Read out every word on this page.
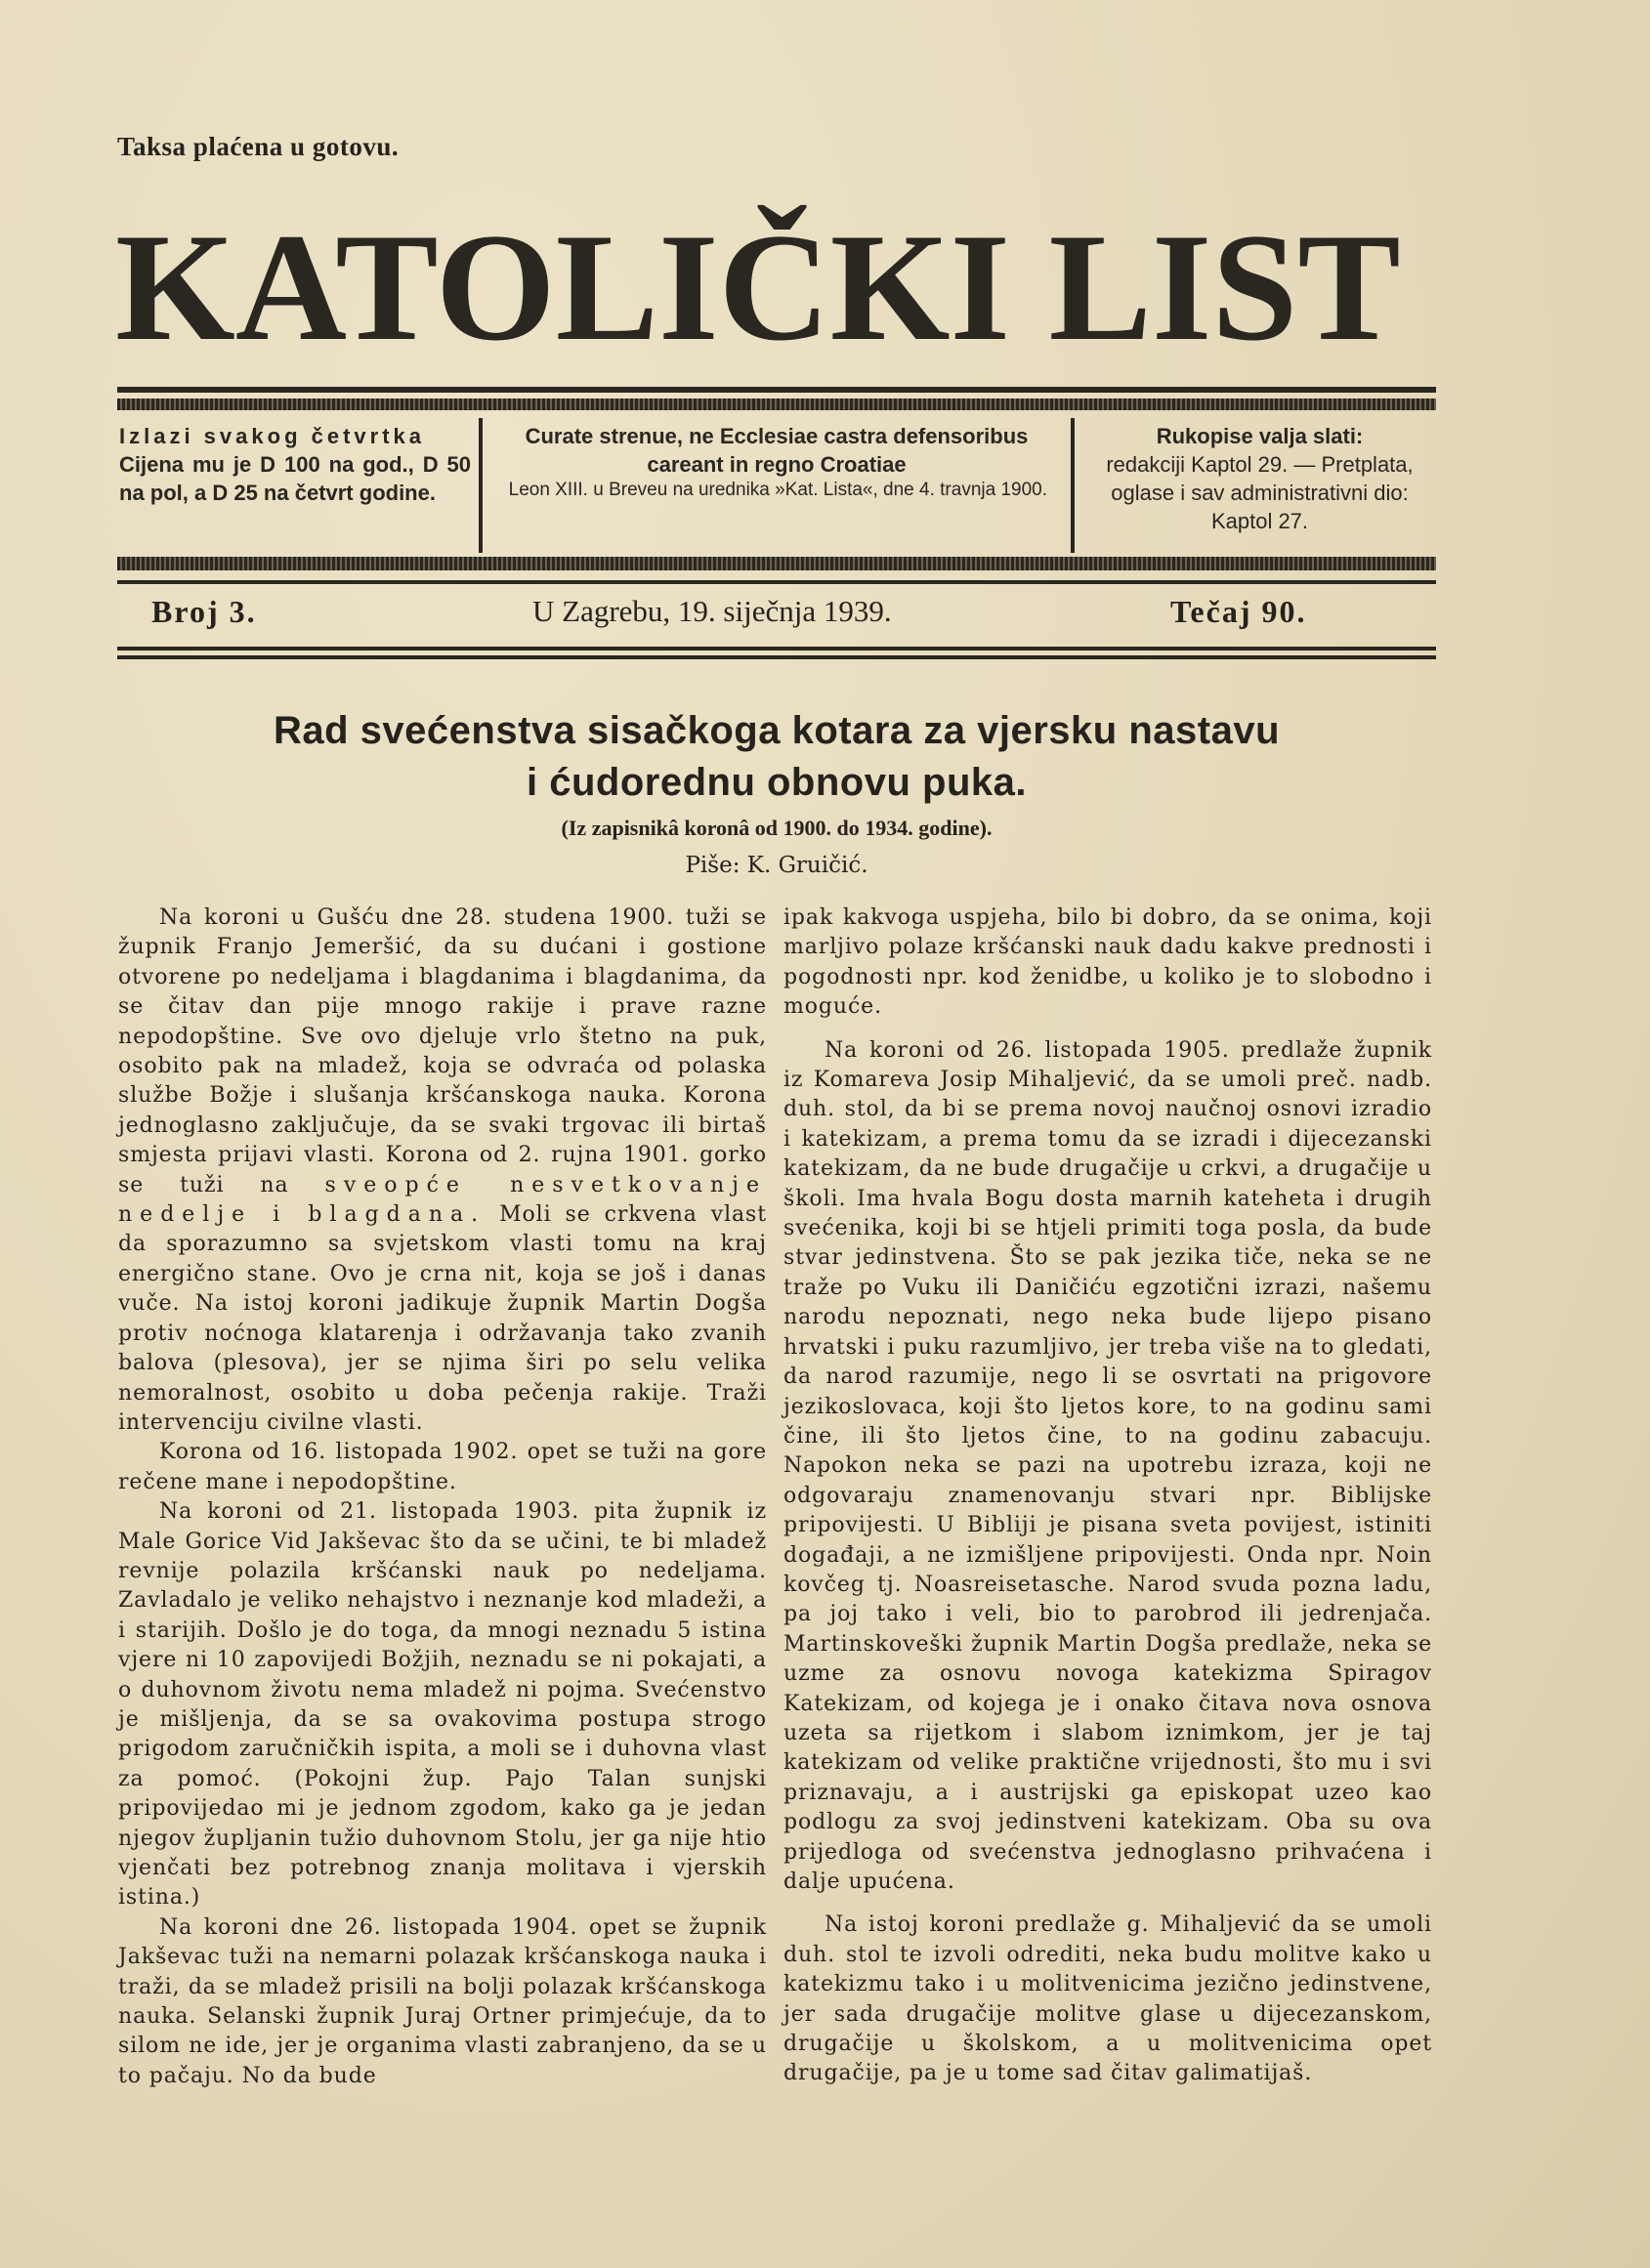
Taksa plaćena u gotovu.
KATOLIČKI LIST
Izlazi svakog četvrtka
Cijena mu je D 100 na god., D 50 na pol, a D 25 na četvrt godine.
Curate strenue, ne Ecclesiae castra defensoribus careant in regno Croatiae
Leon XIII. u Breveu na urednika »Kat. Lista«, dne 4. travnja 1900.
Rukopise valja slati:
redakciji Kaptol 29. — Pretplata, oglase i sav administrativni dio: Kaptol 27.
Broj 3.	U Zagrebu, 19. siječnja 1939.	Tečaj 90.
Rad svećenstva sisačkoga kotara za vjersku nastavu
i ćudorednu obnovu puka.
(Iz zapisnikâ koronâ od 1900. do 1934. godine).
Piše: K. Gruičić.

Na koroni u Gušću dne 28. studena 1900. tuži se župnik Franjo Jemeršić, da su dućani i gostione otvorene po nedeljama i blagdanima i blagdanima, da se čitav dan pije mnogo rakije i prave razne nepodopštine. Sve ovo djeluje vrlo štetno na puk, osobito pak na mladež, koja se odvraća od polaska službe Božje i slušanja kršćanskoga nauka. Korona jednoglasno zaključuje, da se svaki trgovac ili birtaš smjesta prijavi vlasti. Korona od 2. rujna 1901. gorko se tuži na sveopće nesvetkovanje nedelje i blagdana. Moli se crkvena vlast da sporazumno sa svjetskom vlasti tomu na kraj energično stane. Ovo je crna nit, koja se još i danas vuče. Na istoj koroni jadikuje župnik Martin Dogša protiv noćnoga klatarenja i održavanja tako zvanih balova (plesova), jer se njima širi po selu velika nemoralnost, osobito u doba pečenja rakije. Traži intervenciju civilne vlasti.

Korona od 16. listopada 1902. opet se tuži na gore rečene mane i nepodopštine.

Na koroni od 21. listopada 1903. pita župnik iz Male Gorice Vid Jakševac što da se učini, te bi mladež revnije polazila kršćanski nauk po nedeljama. Zavladalo je veliko nehajstvo i neznanje kod mladeži, a i starijih. Došlo je do toga, da mnogi neznadu 5 istina vjere ni 10 zapovijedi Božjih, neznadu se ni pokajati, a o duhovnom životu nema mladež ni pojma. Svećenstvo je mišljenja, da se sa ovakovima postupa strogo prigodom zaručničkih ispita, a moli se i duhovna vlast za pomoć. (Pokojni žup. Pajo Talan sunjski pripovijedao mi je jednom zgodom, kako ga je jedan njegov župljanin tužio duhovnom Stolu, jer ga nije htio vjenčati bez potrebnog znanja molitava i vjerskih istina.)

Na koroni dne 26. listopada 1904. opet se župnik Jakševac tuži na nemarni polazak kršćanskoga nauka i traži, da se mladež prisili na bolji polazak kršćanskoga nauka. Selanski župnik Juraj Ortner primjećuje, da to silom ne ide, jer je organima vlasti zabranjeno, da se u to pačaju. No da bude

ipak kakvoga uspjeha, bilo bi dobro, da se onima, koji marljivo polaze kršćanski nauk dadu kakve prednosti i pogodnosti npr. kod ženidbe, u koliko je to slobodno i moguće.

Na koroni od 26. listopada 1905. predlaže župnik iz Komareva Josip Mihaljević, da se umoli preč. nadb. duh. stol, da bi se prema novoj naučnoj osnovi izradio i katekizam, a prema tomu da se izradi i dijecezanski katekizam, da ne bude drugačije u crkvi, a drugačije u školi. Ima hvala Bogu dosta marnih kateheta i drugih svećenika, koji bi se htjeli primiti toga posla, da bude stvar jedinstvena. Što se pak jezika tiče, neka se ne traže po Vuku ili Daničiću egzotični izrazi, našemu narodu nepoznati, nego neka bude lijepo pisano hrvatski i puku razumljivo, jer treba više na to gledati, da narod razumije, nego li se osvrtati na prigovore jezikoslovaca, koji što ljetos kore, to na godinu sami čine, ili što ljetos čine, to na godinu zabacuju. Napokon neka se pazi na upotrebu izraza, koji ne odgovaraju znamenovanju stvari npr. Biblijske pripovijesti. U Bibliji je pisana sveta povijest, istiniti događaji, a ne izmišljene pripovijesti. Onda npr. Noin kovčeg tj. Noasreisetasche. Narod svuda pozna ladu, pa joj tako i veli, bio to parobrod ili jedrenjača. Martinskoveški župnik Martin Dogša predlaže, neka se uzme za osnovu novoga katekizma Spiragov Katekizam, od kojega je i onako čitava nova osnova uzeta sa rijetkom i slabom iznimkom, jer je taj katekizam od velike praktične vrijednosti, što mu i svi priznavaju, a i austrijski ga episkopat uzeo kao podlogu za svoj jedinstveni katekizam. Oba su ova prijedloga od svećenstva jednoglasno prihvaćena i dalje upućena.

Na istoj koroni predlaže g. Mihaljević da se umoli duh. stol te izvoli odrediti, neka budu molitve kako u katekizmu tako i u molitvenicima jezično jedinstvene, jer sada drugačije molitve glase u dijecezanskom, drugačije u školskom, a u molitvenicima opet drugačije, pa je u tome sad čitav galimatijaš.
